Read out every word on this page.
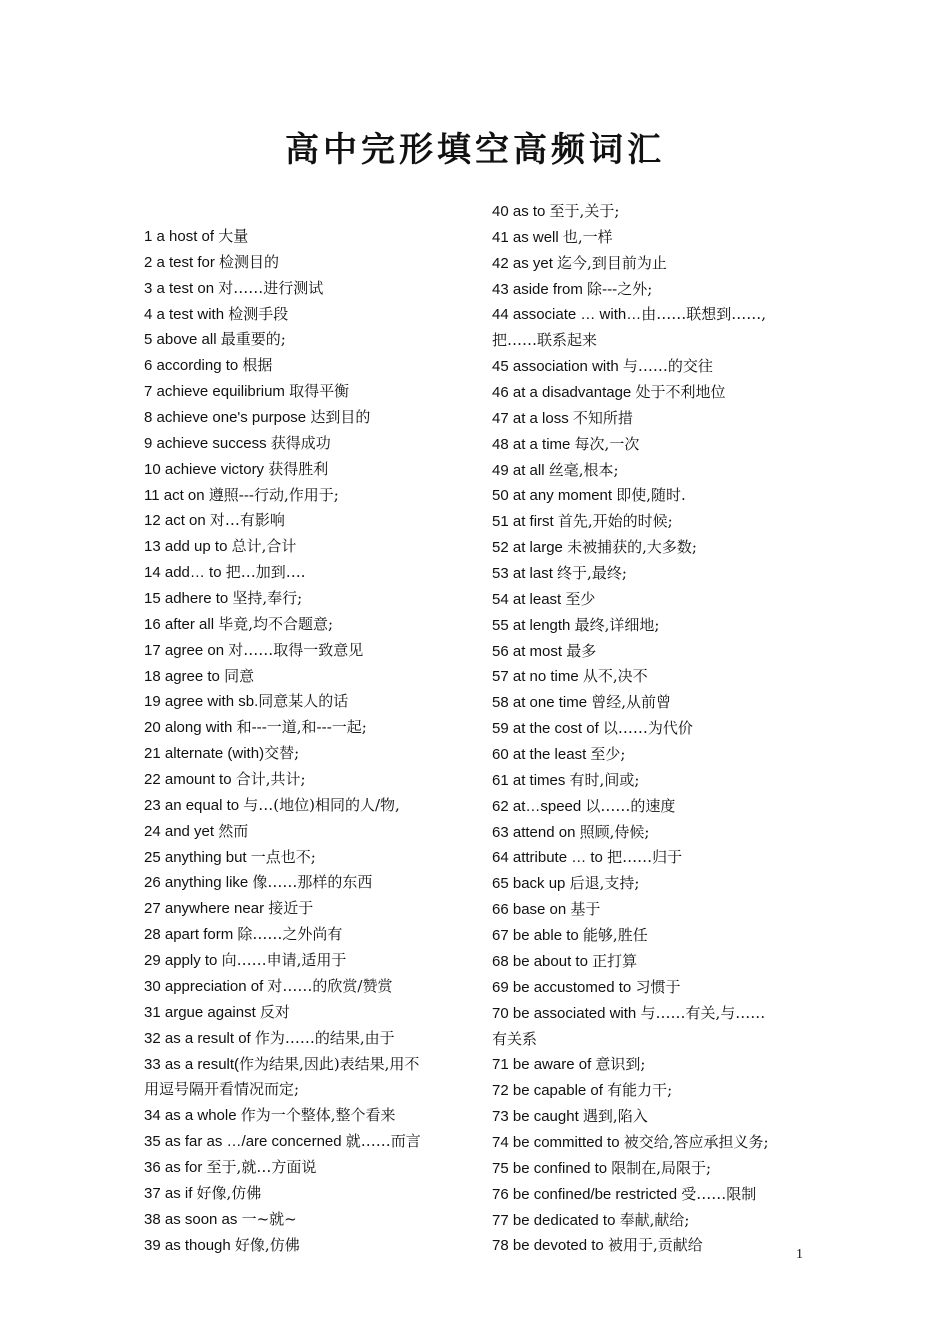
高中完形填空高频词汇
1 a host of 大量
2 a test for 检测目的
3 a test on 对……进行测试
4 a test with 检测手段
5 above all 最重要的;
6 according to 根据
7 achieve equilibrium 取得平衡
8 achieve one's purpose 达到目的
9 achieve success 获得成功
10 achieve victory 获得胜利
11 act on 遵照---行动,作用于;
12 act on 对…有影响
13 add up to 总计,合计
14 add… to 把…加到….
15 adhere to 坚持,奉行;
16 after all 毕竟,均不合题意;
17 agree on 对……取得一致意见
18 agree to 同意
19 agree with sb.同意某人的话
20 along with 和---一道,和---一起;
21 alternate (with)交替;
22 amount to 合计,共计;
23 an equal to 与…(地位)相同的人/物,
24 and yet 然而
25 anything but 一点也不;
26 anything like 像……那样的东西
27 anywhere near 接近于
28 apart form 除……之外尚有
29 apply to 向……申请,适用于
30 appreciation of 对……的欣赏/赞赏
31 argue against 反对
32 as a result of 作为……的结果,由于
33 as a result(作为结果,因此)表结果,用不
用逗号隔开看情况而定;
34 as a whole 作为一个整体,整个看来
35 as far as …/are concerned 就……而言
36 as for 至于,就…方面说
37 as if 好像,仿佛
38 as soon as 一~就~
39 as though 好像,仿佛
40 as to 至于,关于;
41 as well 也,一样
42 as yet 迄今,到目前为止
43 aside from 除---之外;
44 associate … with…由……联想到……,
把……联系起来
45 association with 与……的交往
46 at a disadvantage 处于不利地位
47 at a loss 不知所措
48 at a time 每次,一次
49 at all 丝毫,根本;
50 at any moment 即使,随时.
51 at first 首先,开始的时候;
52 at large 未被捕获的,大多数;
53 at last 终于,最终;
54 at least 至少
55 at length 最终,详细地;
56 at most 最多
57 at no time 从不,决不
58 at one time 曾经,从前曾
59 at the cost of 以……为代价
60 at the least 至少;
61 at times 有时,间或;
62 at…speed 以……的速度
63 attend on 照顾,侍候;
64 attribute … to 把……归于
65 back up 后退,支持;
66 base on 基于
67 be able to 能够,胜任
68 be about to 正打算
69 be accustomed to 习惯于
70 be associated with 与……有关,与……
有关系
71 be aware of 意识到;
72 be capable of 有能力干;
73 be caught 遇到,陷入
74 be committed to 被交给,答应承担义务;
75 be confined to 限制在,局限于;
76 be confined/be restricted 受……限制
77 be dedicated to 奉献,献给;
78 be devoted to 被用于,贡献给
1
